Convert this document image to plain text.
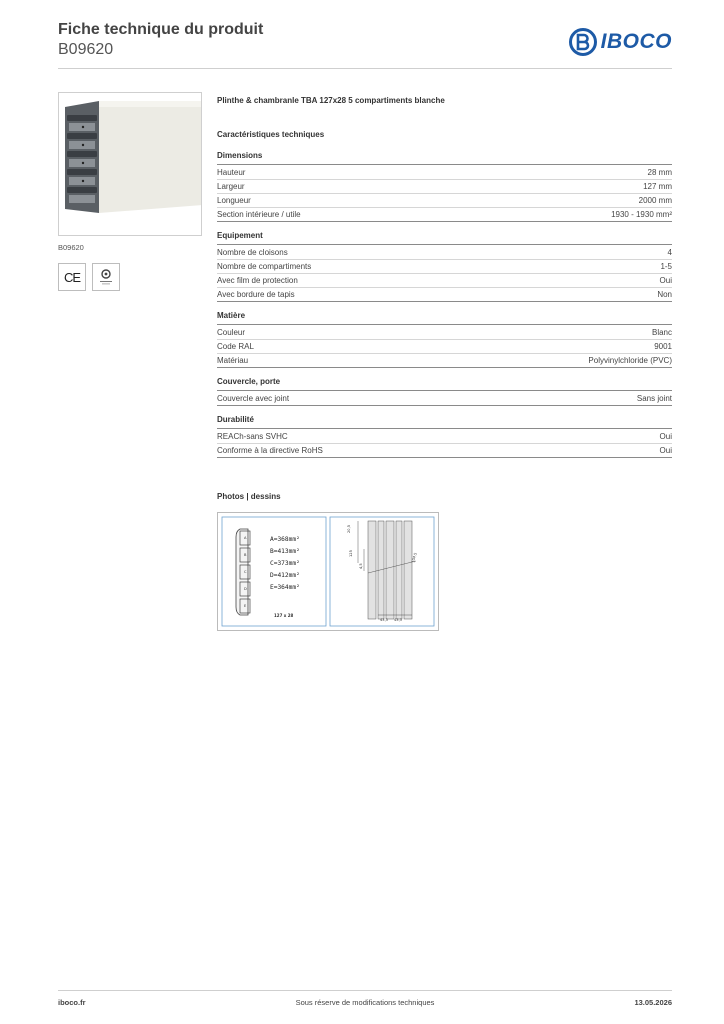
Fiche technique du produit
B09620	IBOCO
B09620
CE
Plinthe & chambranle TBA 127x28 5 compartiments blanche
Caractéristiques techniques
Dimensions
Hauteur	28 mm
Largeur	127 mm
Longueur	2000 mm
Section intérieure / utile	1930 - 1930 mm²
Equipement
Nombre de cloisons	4
Nombre de compartiments	1-5
Avec film de protection	Oui
Avec bordure de tapis	Non
Matière
Couleur	Blanc
Code RAL	9001
Matériau	Polyvinylchloride (PVC)
Couvercle, porte
Couvercle avec joint	Sans joint
Durabilité
REACh-sans SVHC	Oui
Conforme à la directive RoHS	Oui
Photos | dessins
A
B
C
D
E
A=368mm²
B=413mm²
C=373mm²
D=412mm²
E=364mm²
127 x 28
20,5
125
4,5
104,5
43,5 43,5
iboco.fr	Sous réserve de modifications techniques	13.05.2026
